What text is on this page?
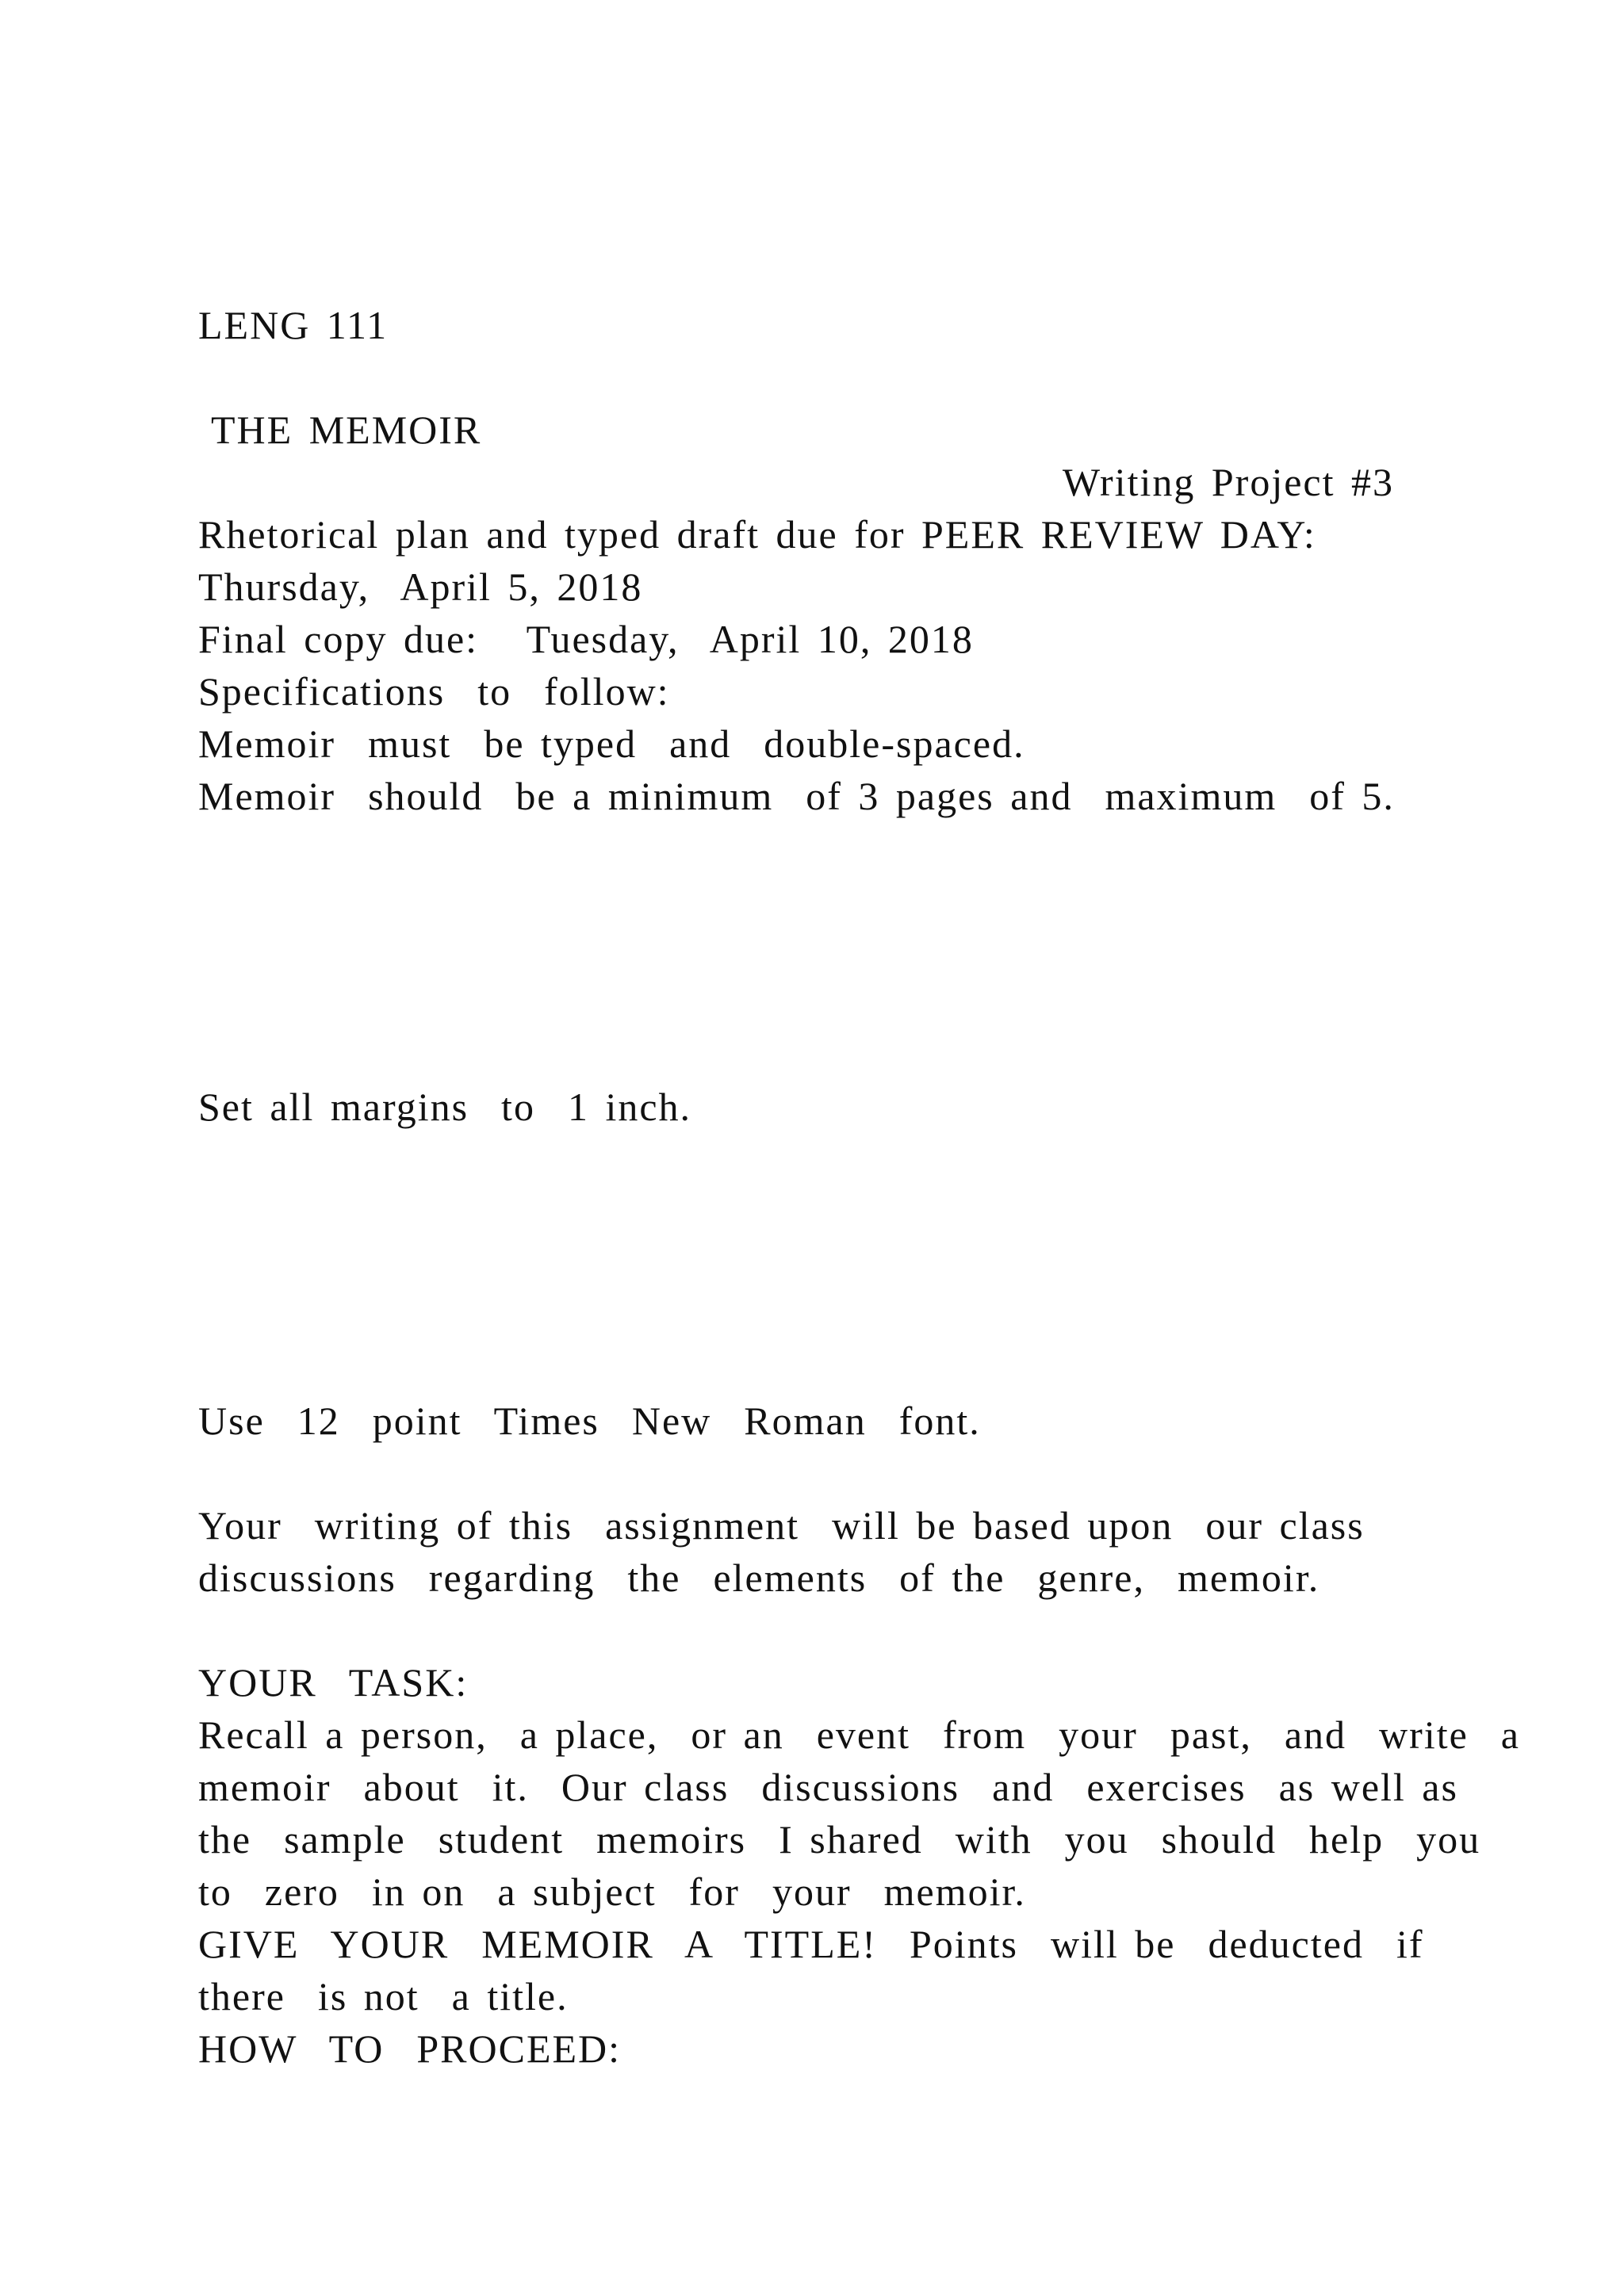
LENG 111
THE MEMOIR
Writing Project #3
Rhetorical plan and typed draft due for PEER REVIEW DAY:
Thursday,  April 5, 2018
Final copy due:   Tuesday,  April 10, 2018
Specifications  to  follow:
Memoir  must  be typed  and  double-spaced.
Memoir  should  be a minimum  of 3 pages and  maximum  of 5.
Set all margins  to  1 inch.
Use  12  point  Times  New  Roman  font.
Your  writing of this  assignment  will be based upon  our class
discussions  regarding  the  elements  of the  genre,  memoir.
YOUR  TASK:
Recall a person,  a place,  or an  event  from  your  past,  and  write  a
memoir  about  it.  Our class  discussions  and  exercises  as well as
the  sample  student  memoirs  I shared  with  you  should  help  you
to  zero  in on  a subject  for  your  memoir.
GIVE  YOUR  MEMOIR  A  TITLE!  Points  will be  deducted  if
there  is not  a title.
HOW  TO  PROCEED:
